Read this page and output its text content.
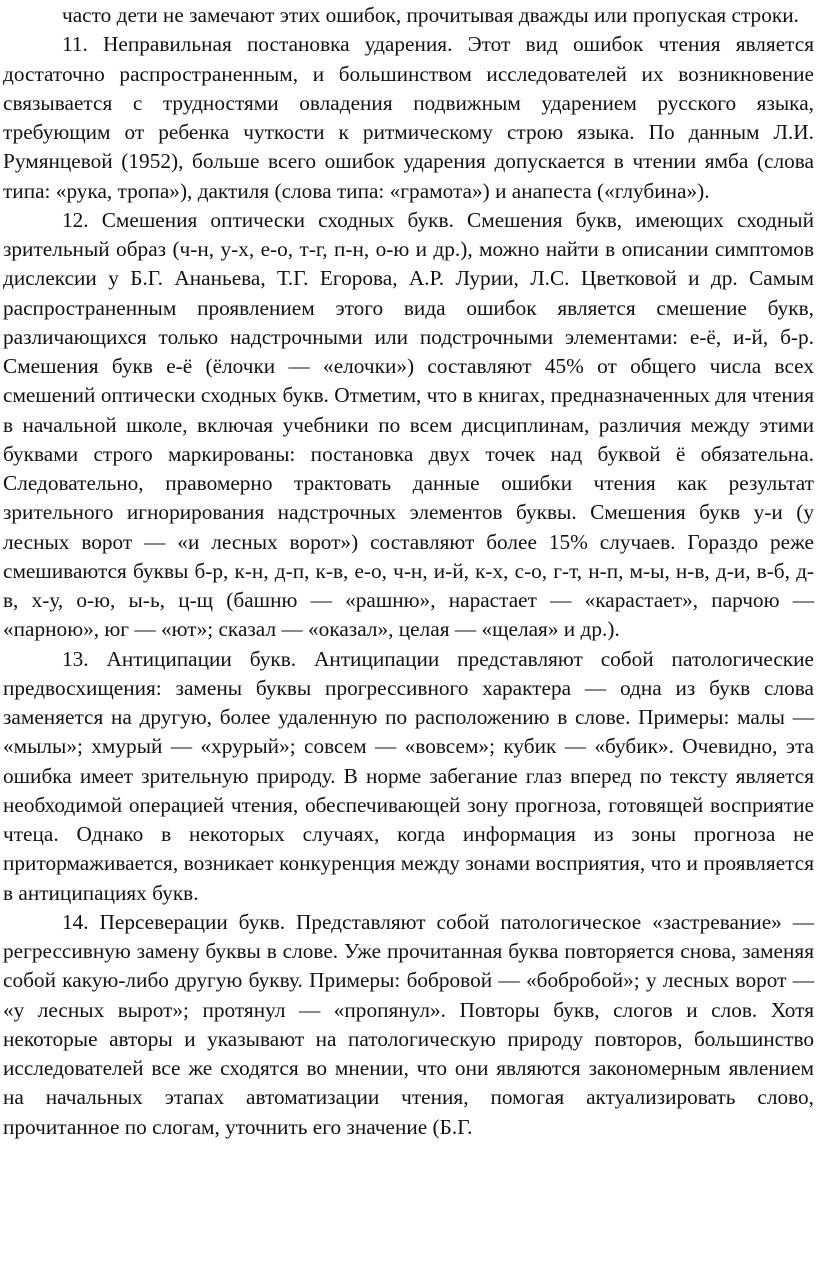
часто дети не замечают этих ошибок, прочитывая дважды или пропуская строки.

11. Неправильная постановка ударения. Этот вид ошибок чтения является достаточно распространенным, и большинством исследователей их возникновение связывается с трудностями овладения подвижным ударением русского языка, требующим от ребенка чуткости к ритмическому строю языка. По данным Л.И. Румянцевой (1952), больше всего ошибок ударения допускается в чтении ямба (слова типа: «рука, тропа»), дактиля (слова типа: «грамота») и анапеста («глубина»).

12. Смешения оптически сходных букв. Смешения букв, имеющих сходный зрительный образ (ч-н, у-х, е-о, т-г, п-н, о-ю и др.), можно найти в описании симптомов дислексии у Б.Г. Ананьева, Т.Г. Егорова, А.Р. Лурии, Л.С. Цветковой и др. Самым распространенным проявлением этого вида ошибок является смешение букв, различающихся только надстрочными или подстрочными элементами: е-ё, и-й, б-р. Смешения букв е-ё (ёлочки — «елочки») составляют 45% от общего числа всех смешений оптически сходных букв. Отметим, что в книгах, предназначенных для чтения в начальной школе, включая учебники по всем дисциплинам, различия между этими буквами строго маркированы: постановка двух точек над буквой ё обязательна. Следовательно, правомерно трактовать данные ошибки чтения как результат зрительного игнорирования надстрочных элементов буквы. Смешения букв у-и (у лесных ворот — «и лесных ворот») составляют более 15% случаев. Гораздо реже смешиваются буквы б-р, к-н, д-п, к-в, е-о, ч-н, и-й, к-х, с-о, г-т, н-п, м-ы, н-в, д-и, в-б, д-в, х-у, о-ю, ы-ь, ц-щ (башню — «рашню», нарастает — «карастает», парчою — «парною», юг — «ют»; сказал — «оказал», целая — «щелая» и др.).

13. Антиципации букв. Антиципации представляют собой патологические предвосхищения: замены буквы прогрессивного характера — одна из букв слова заменяется на другую, более удаленную по расположению в слове. Примеры: малы — «мылы»; хмурый — «хрурый»; совсем — «вовсем»; кубик — «бубик». Очевидно, эта ошибка имеет зрительную природу. В норме забегание глаз вперед по тексту является необходимой операцией чтения, обеспечивающей зону прогноза, готовящей восприятие чтеца. Однако в некоторых случаях, когда информация из зоны прогноза не притормаживается, возникает конкуренция между зонами восприятия, что и проявляется в антиципациях букв.

14. Персеверации букв. Представляют собой патологическое «застревание» — регрессивную замену буквы в слове. Уже прочитанная буква повторяется снова, заменяя собой какую-либо другую букву. Примеры: бобровой — «бобробой»; у лесных ворот — «у лесных вырот»; протянул — «пропянул». Повторы букв, слогов и слов. Хотя некоторые авторы и указывают на патологическую природу повторов, большинство исследователей все же сходятся во мнении, что они являются закономерным явлением на начальных этапах автоматизации чтения, помогая актуализировать слово, прочитанное по слогам, уточнить его значение (Б.Г.
